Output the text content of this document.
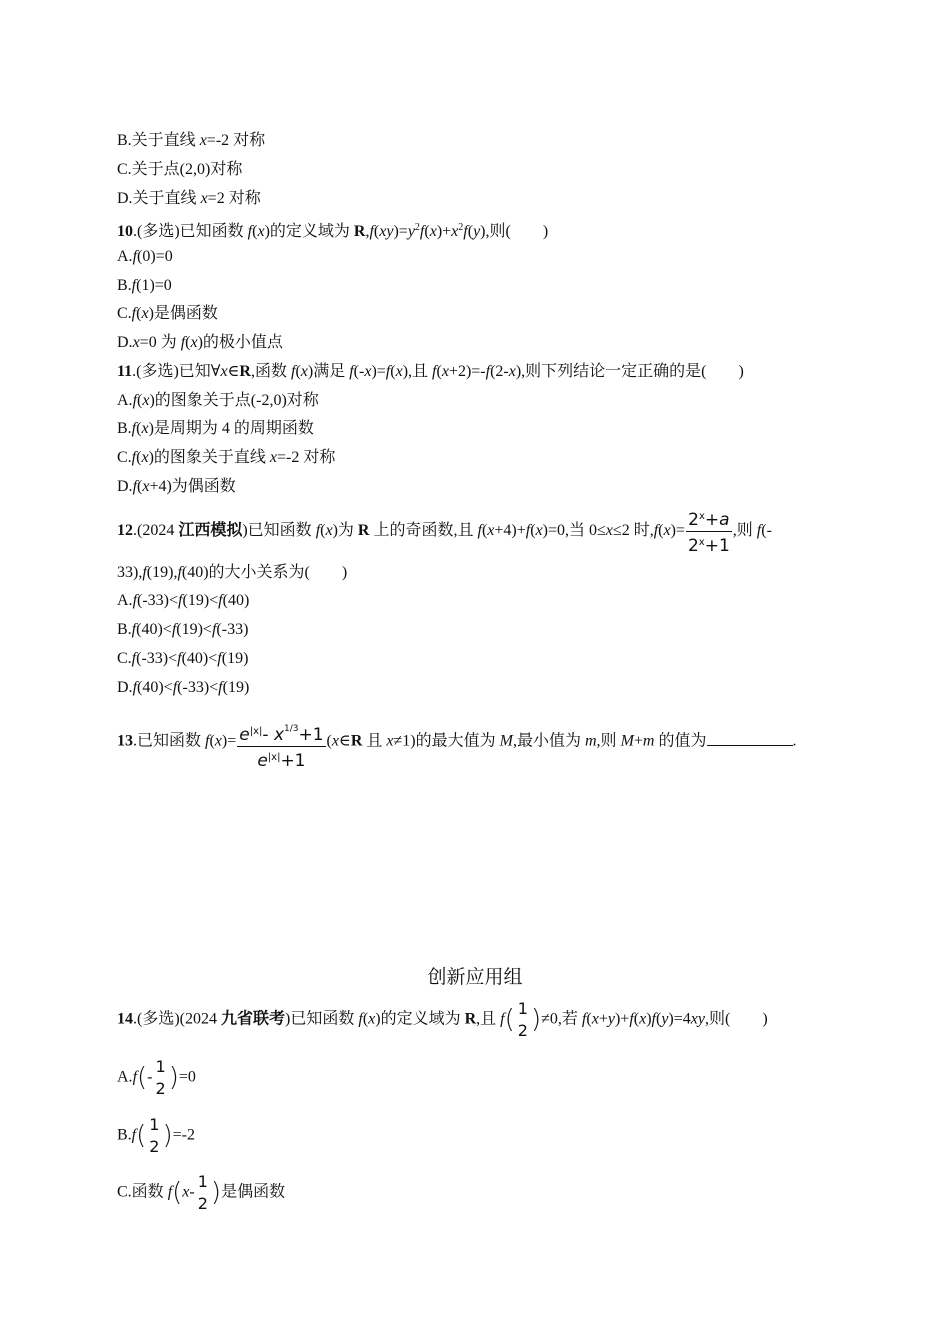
B.关于直线 x=-2 对称
C.关于点(2,0)对称
D.关于直线 x=2 对称
10.(多选)已知函数 f(x)的定义域为 $R,f(xy)=y^2f(x)+x^2f(y)$,则(　　)
A.f(0)=0
B.f(1)=0
C.f(x)是偶函数
D.x=0 为 f(x)的极小值点
11.(多选)已知∀x∈R,函数 f(x)满足 f(-x)=f(x),且 f(x+2)=-f(2-x),则下列结论一定正确的是(　　)
A.f(x)的图象关于点(-2,0)对称
B.f(x)是周期为 4 的周期函数
C.f(x)的图象关于直线 x=-2 对称
D.f(x+4)为偶函数
12.(2024 江西模拟)已知函数 f(x)为 R 上的奇函数,且 f(x+4)+f(x)=0,当 0≤x≤2 时$,f(x)= \frac{2^x+a}{2^x+1}$ ,则 f(-
33),f(19),f(40)的大小关系为(　　)
A.f(-33)<f(19)<f(40)
B.f(40)<f(19)<f(-33)
C.f(-33)<f(40)<f(19)
D.f(40)<f(-33)<f(19)
13.已知函数 $f(x)= \frac{e^{|x|}- x^{1/3}+1}{e^{|x|}+1}$ (x∈R 且 x≠1)的最大值为 M,最小值为 m,则 M+m 的值为	.
创新应用组
14.(多选)(2024 九省联考)已知函数 f(x)的定义域为 R,且 f( 1
2 )≠0,若 f(x+y)+f(x)f(y)=4xy,则(　　)
A.f(-
1
2 )=0
B.f( 1
2 )=-2
C.函数 f(x-
1
2 )是偶函数
